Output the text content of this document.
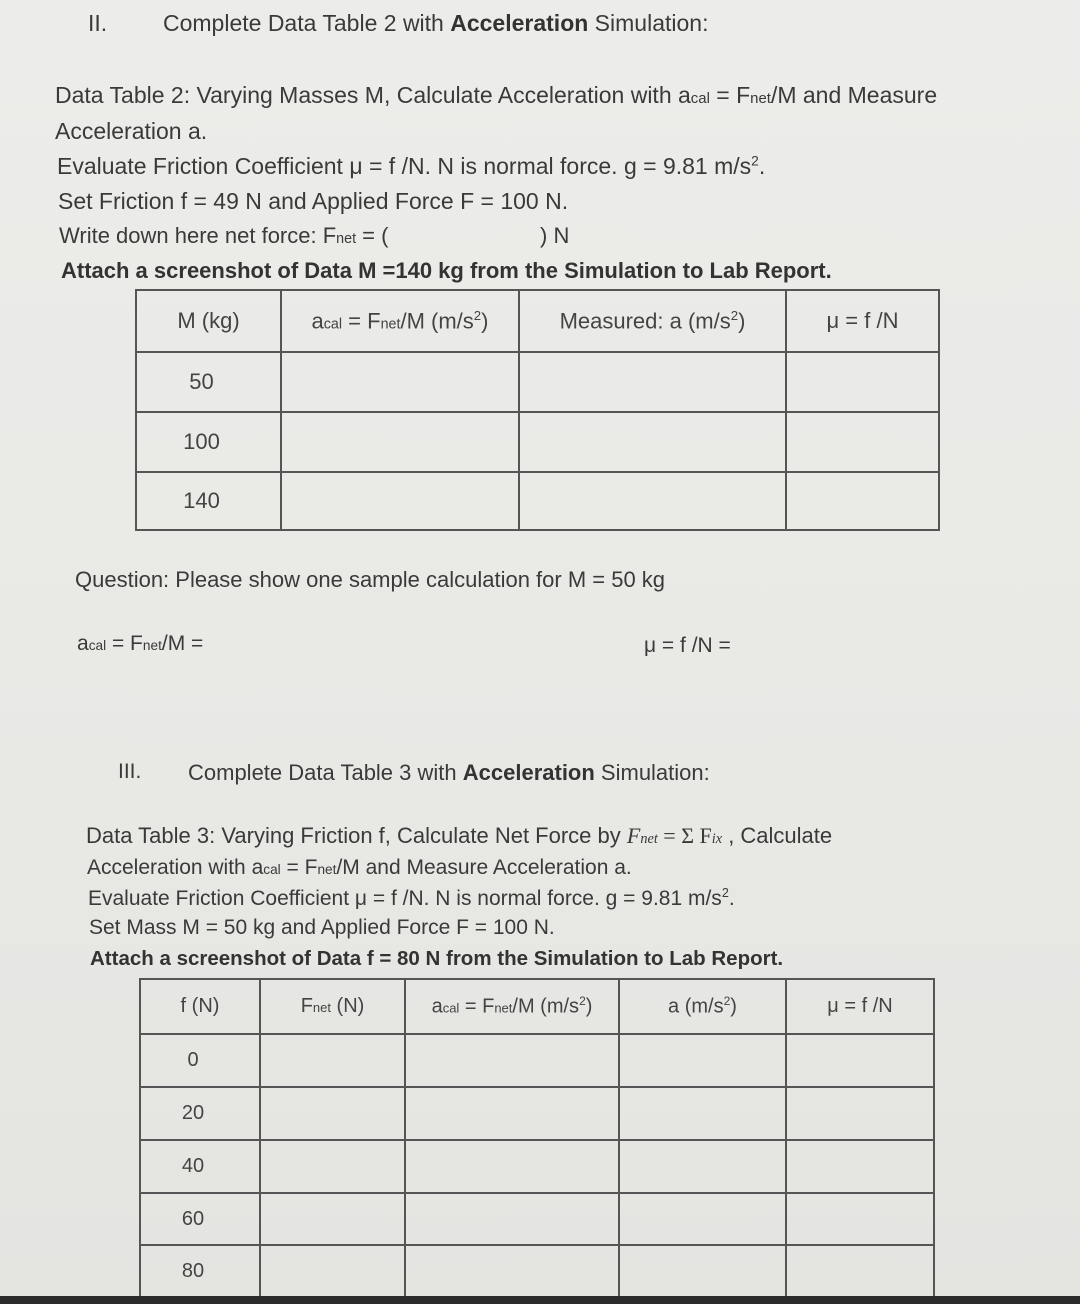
II. Complete Data Table 2 with Acceleration Simulation:
Data Table 2: Varying Masses M, Calculate Acceleration with acal = Fnet/M and Measure
Acceleration a.
Evaluate Friction Coefficient μ = f /N. N is normal force. g = 9.81 $m/s^2$.
Set Friction f = 49 N and Applied Force F = 100 N.
Write down here net force: Fnet = (	) N
Attach a screenshot of Data M =140 kg from the Simulation to Lab Report.
M (kg)	acal = Fnet/M $(m/s^2)$	Measured: a $(m/s^2)$	μ = f /N
50			
100			
140			
Question: Please show one sample calculation for M = 50 kg
acal = Fnet/M =	μ = f /N =
III. Complete Data Table 3 with Acceleration Simulation:
Data Table 3: Varying Friction f, Calculate Net Force by Fnet = Σ Fix , Calculate
Acceleration with acal = Fnet/M and Measure Acceleration a.
Evaluate Friction Coefficient μ = f /N. N is normal force. g = 9.81 $m/s^2$.
Set Mass M = 50 kg and Applied Force F = 100 N.
Attach a screenshot of Data f = 80 N from the Simulation to Lab Report.
f (N)	Fnet (N)	acal = Fnet/M $(m/s^2)$	a $(m/s^2)$	μ = f /N
0				
20				
40				
60				
80				
